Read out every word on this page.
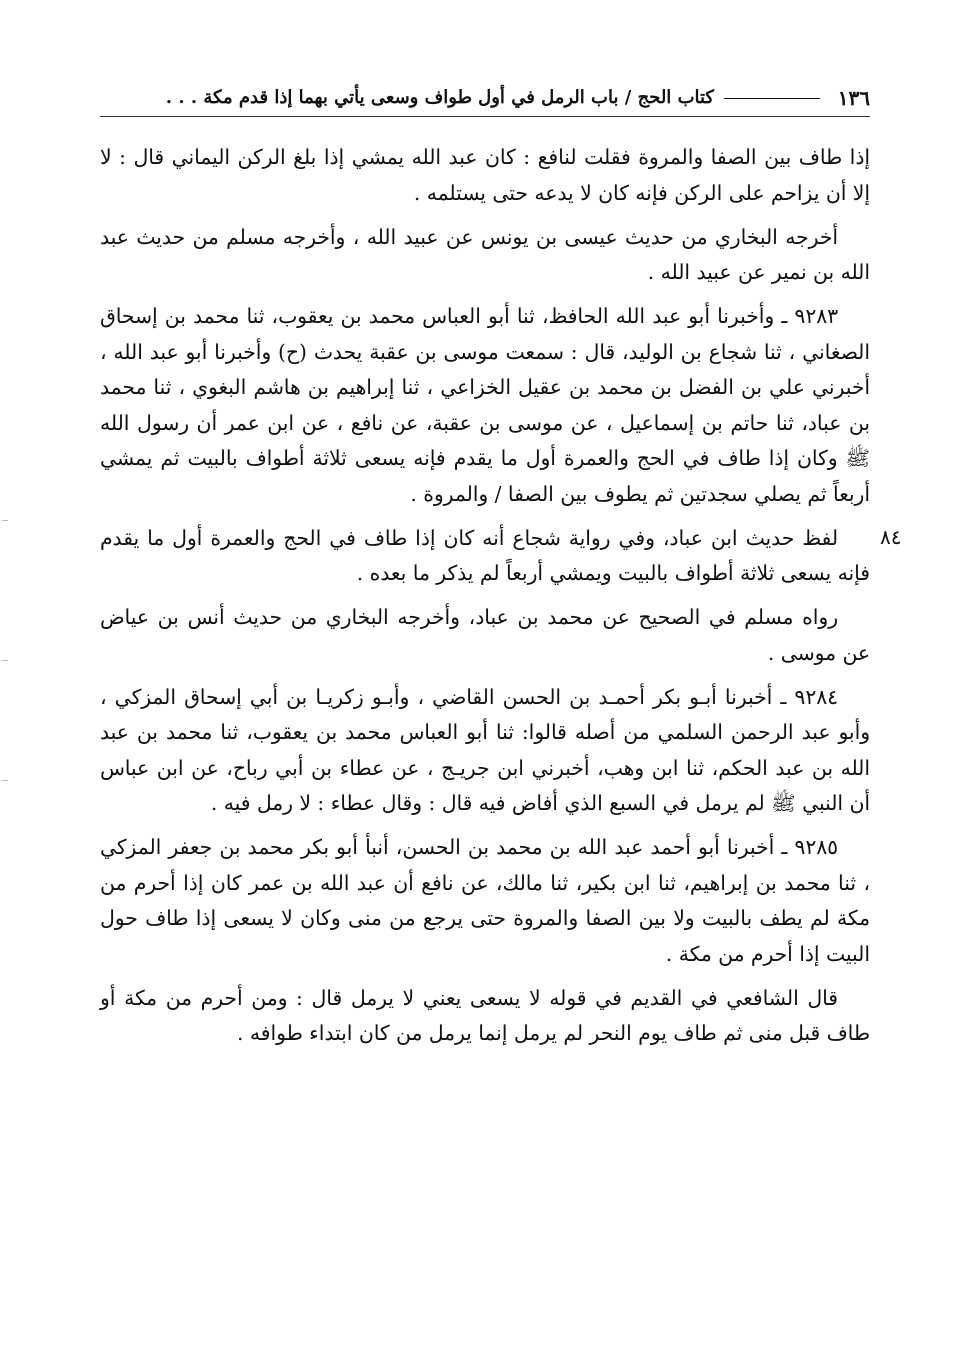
١٣٦
كتاب الحج / باب الرمل في أول طواف وسعى يأتي بهما إذا قدم مكة . . .
٨٤

إذا طاف بين الصفا والمروة فقلت لنافع : كان عبد الله يمشي إذا بلغ الركن اليماني قال : لا إلا أن يزاحم على الركن فإنه كان لا يدعه حتى يستلمه .

أخرجه البخاري من حديث عيسى بن يونس عن عبيد الله ، وأخرجه مسلم من حديث عبد الله بن نمير عن عبيد الله .

٩٢٨٣ ـ وأخبرنا أبو عبد الله الحافظ، ثنا أبو العباس محمد بن يعقوب، ثنا محمد بن إسحاق الصغاني ، ثنا شجاع بن الوليد، قال : سمعت موسى بن عقبة يحدث (ح) وأخبرنا أبو عبد الله ، أخبرني علي بن الفضل بن محمد بن عقيل الخزاعي ، ثنا إبراهيم بن هاشم البغوي ، ثنا محمد بن عباد، ثنا حاتم بن إسماعيل ، عن موسى بن عقبة، عن نافع ، عن ابن عمر أن رسول الله ﷺ وكان إذا طاف في الحج والعمرة أول ما يقدم فإنه يسعى ثلاثة أطواف بالبيت ثم يمشي أربعاً ثم يصلي سجدتين ثم يطوف بين الصفا / والمروة .

لفظ حديث ابن عباد، وفي رواية شجاع أنه كان إذا طاف في الحج والعمرة أول ما يقدم فإنه يسعى ثلاثة أطواف بالبيت ويمشي أربعاً لم يذكر ما بعده .

رواه مسلم في الصحيح عن محمد بن عباد، وأخرجه البخاري من حديث أنس بن عياض عن موسى .

٩٢٨٤ ـ أخبرنا أبـو بكر أحمـد بن الحسن القاضي ، وأبـو زكريـا بن أبي إسحاق المزكي ، وأبو عبد الرحمن السلمي من أصله قالوا: ثنا أبو العباس محمد بن يعقوب، ثنا محمد بن عبد الله بن عبد الحكم، ثنا ابن وهب، أخبرني ابن جريـج ، عن عطاء بن أبي رباح، عن ابن عباس أن النبي ﷺ لم يرمل في السبع الذي أفاض فيه قال : وقال عطاء : لا رمل فيه .

٩٢٨٥ ـ أخبرنا أبو أحمد عبد الله بن محمد بن الحسن، أنبأ أبو بكر محمد بن جعفر المزكي ، ثنا محمد بن إبراهيم، ثنا ابن بكير، ثنا مالك، عن نافع أن عبد الله بن عمر كان إذا أحرم من مكة لم يطف بالبيت ولا بين الصفا والمروة حتى يرجع من منى وكان لا يسعى إذا طاف حول البيت إذا أحرم من مكة .

قال الشافعي في القديم في قوله لا يسعى يعني لا يرمل قال : ومن أحرم من مكة أو طاف قبل منى ثم طاف يوم النحر لم يرمل إنما يرمل من كان ابتداء طوافه .
